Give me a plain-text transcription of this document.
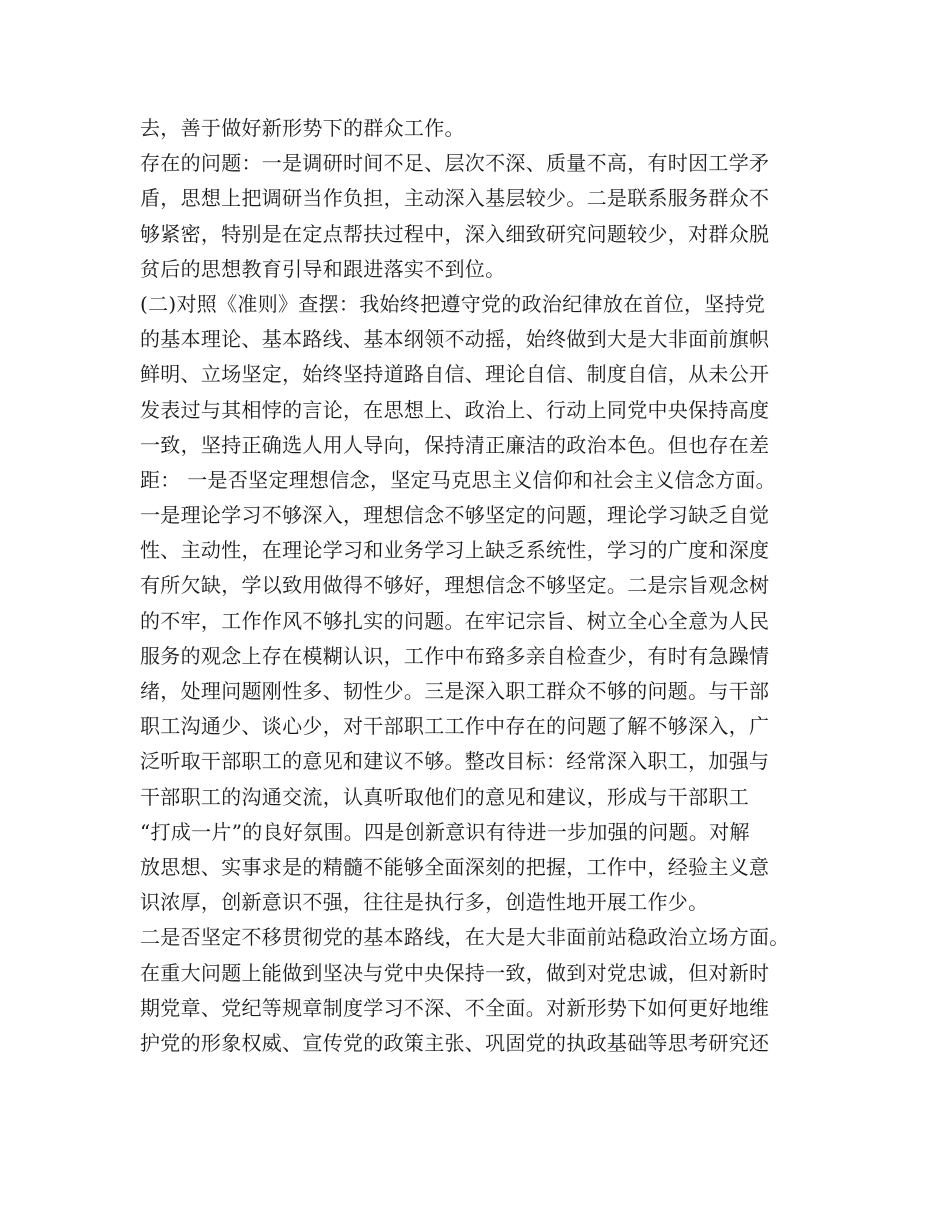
去，善于做好新形势下的群众工作。
存在的问题：一是调研时间不足、层次不深、质量不高，有时因工学矛
盾，思想上把调研当作负担，主动深入基层较少。二是联系服务群众不
够紧密，特别是在定点帮扶过程中，深入细致研究问题较少，对群众脱
贫后的思想教育引导和跟进落实不到位。
(二)对照《准则》查摆：我始终把遵守党的政治纪律放在首位，坚持党
的基本理论、基本路线、基本纲领不动摇，始终做到大是大非面前旗帜
鲜明、立场坚定，始终坚持道路自信、理论自信、制度自信，从未公开
发表过与其相悖的言论，在思想上、政治上、行动上同党中央保持高度
一致，坚持正确选人用人导向，保持清正廉洁的政治本色。但也存在差
距： 一是否坚定理想信念，坚定马克思主义信仰和社会主义信念方面。
一是理论学习不够深入，理想信念不够坚定的问题，理论学习缺乏自觉
性、主动性，在理论学习和业务学习上缺乏系统性，学习的广度和深度
有所欠缺，学以致用做得不够好，理想信念不够坚定。二是宗旨观念树
的不牢，工作作风不够扎实的问题。在牢记宗旨、树立全心全意为人民
服务的观念上存在模糊认识，工作中布臵多亲自检查少，有时有急躁情
绪，处理问题刚性多、韧性少。三是深入职工群众不够的问题。与干部
职工沟通少、谈心少，对干部职工工作中存在的问题了解不够深入，广
泛听取干部职工的意见和建议不够。整改目标：经常深入职工，加强与
干部职工的沟通交流，认真听取他们的意见和建议，形成与干部职工
“打成一片”的良好氛围。四是创新意识有待进一步加强的问题。对解
放思想、实事求是的精髓不能够全面深刻的把握，工作中，经验主义意
识浓厚，创新意识不强，往往是执行多，创造性地开展工作少。
二是否坚定不移贯彻党的基本路线，在大是大非面前站稳政治立场方面。
在重大问题上能做到坚决与党中央保持一致，做到对党忠诚，但对新时
期党章、党纪等规章制度学习不深、不全面。对新形势下如何更好地维
护党的形象权威、宣传党的政策主张、巩固党的执政基础等思考研究还
